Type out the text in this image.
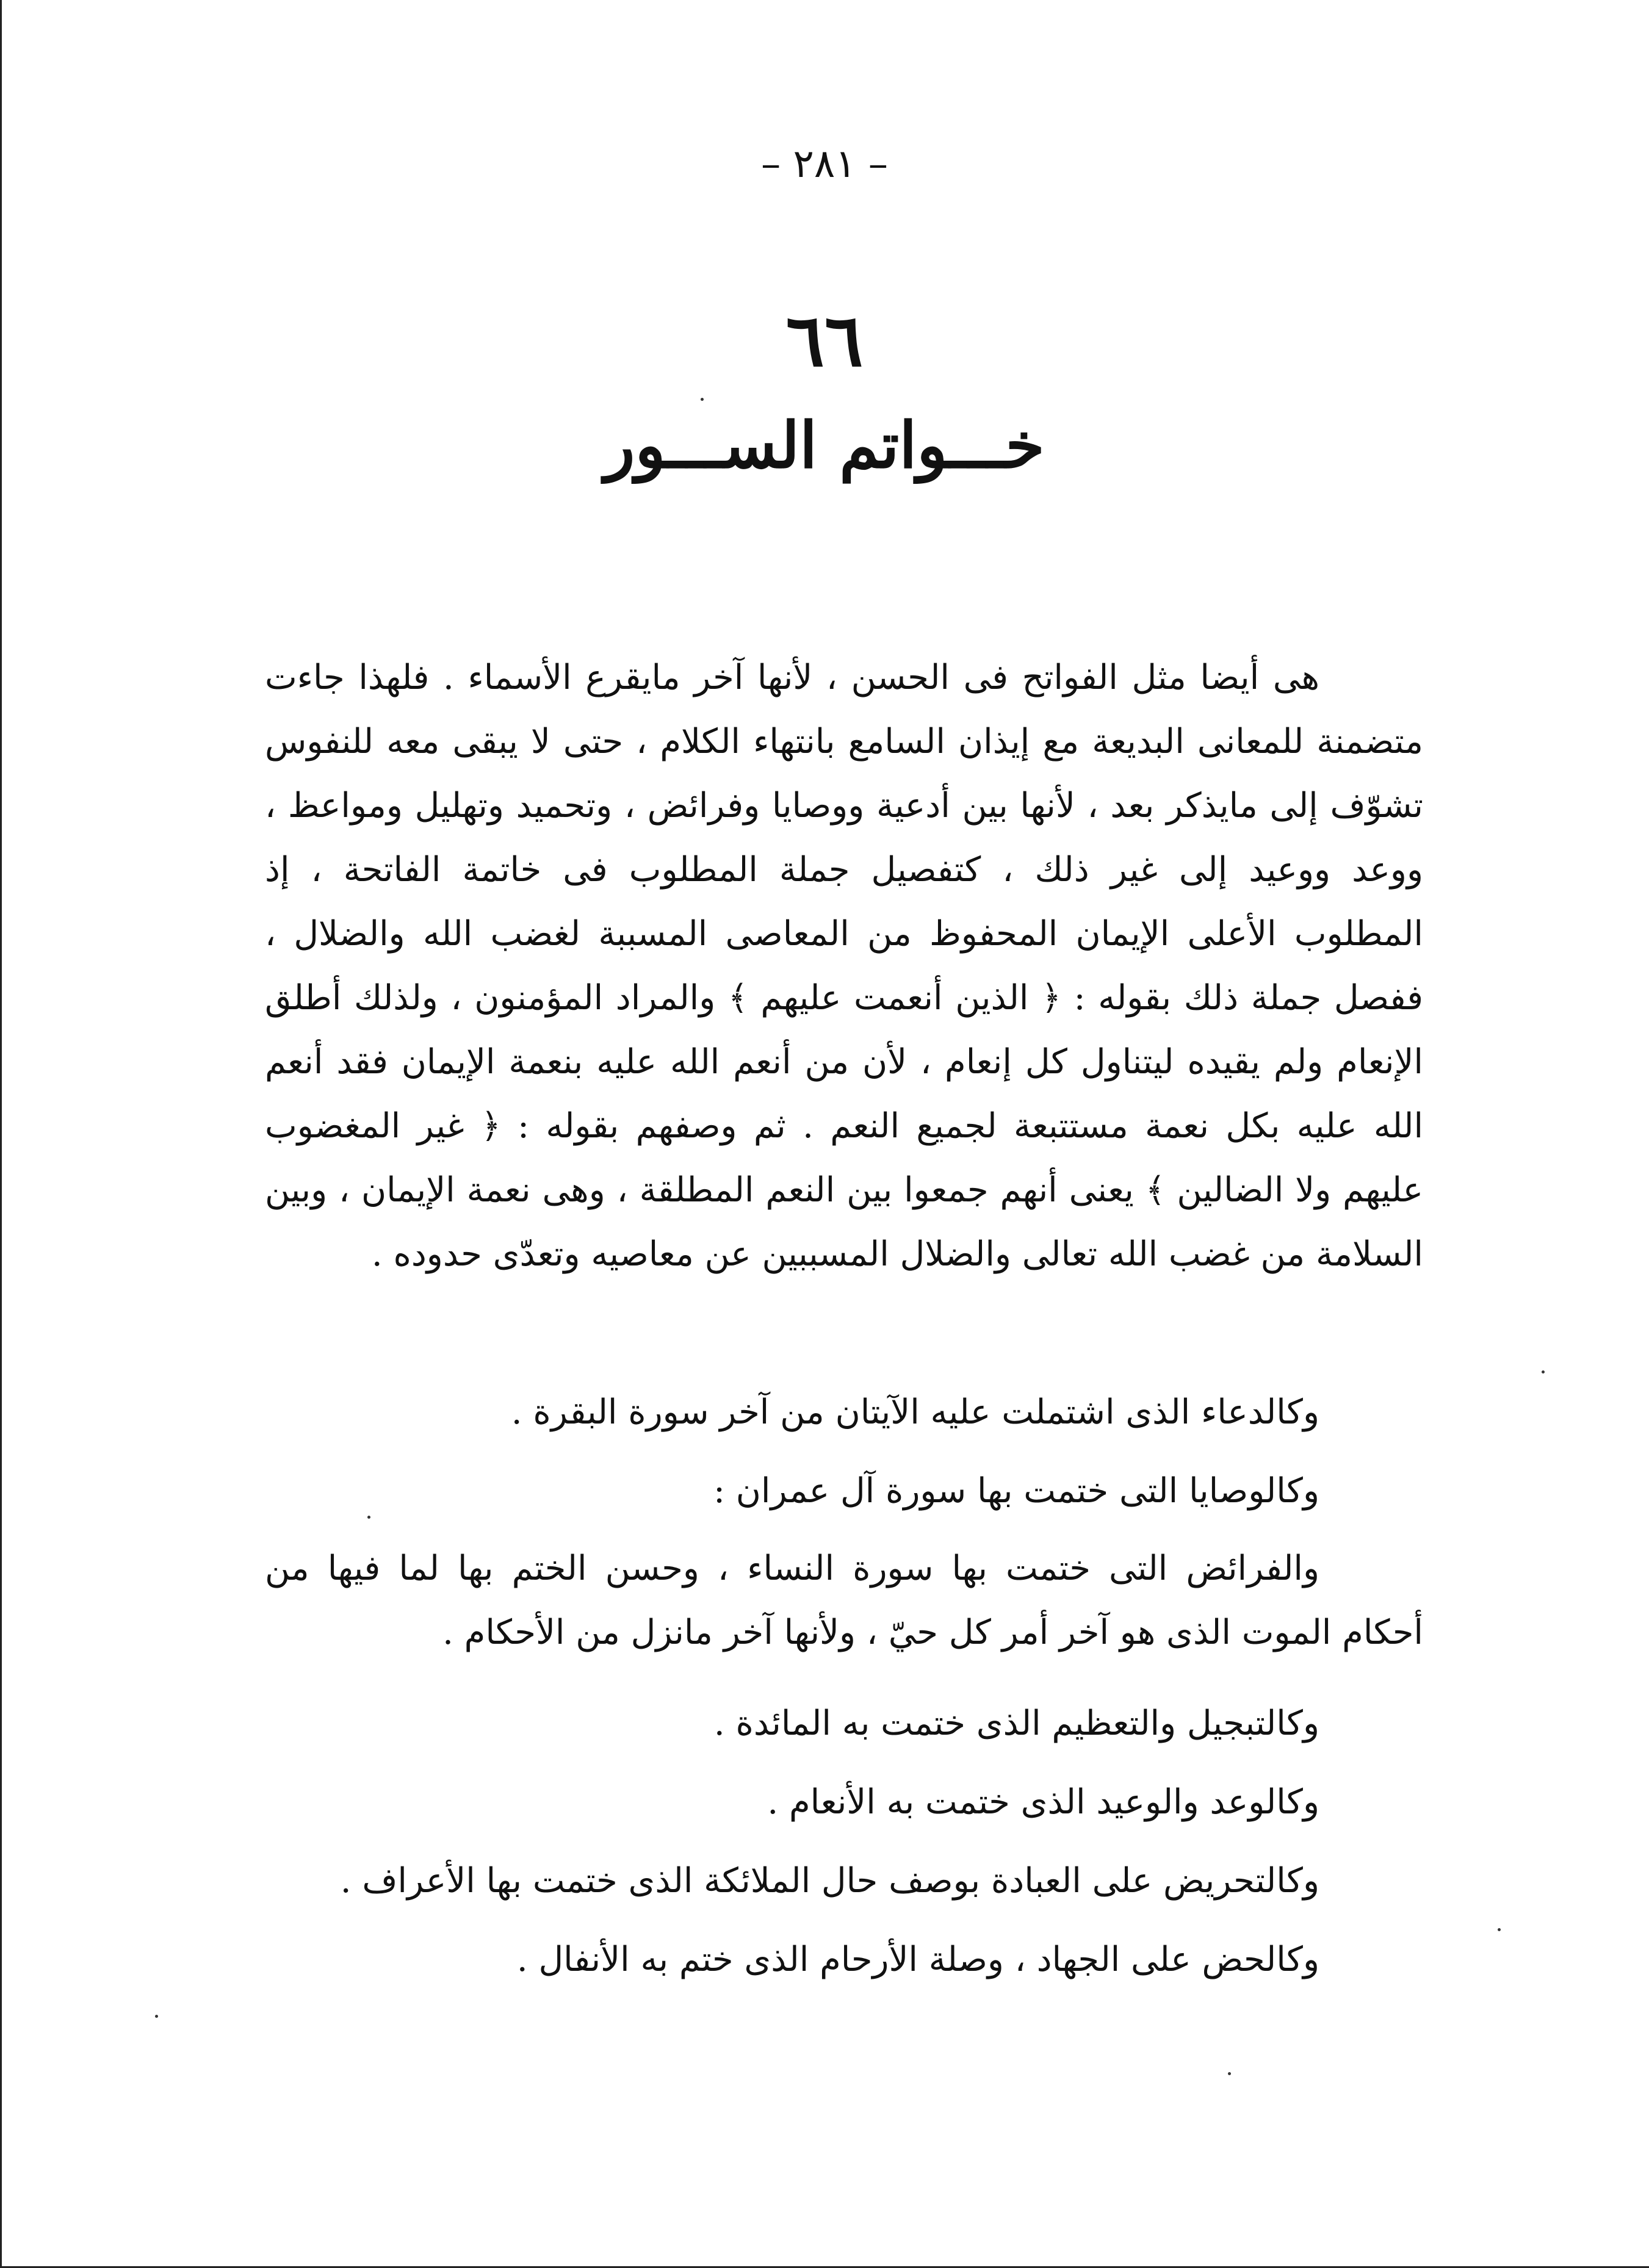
– ٢٨١ –
٦٦
خـــواتم الســـور

هى أيضا مثل الفواتح فى الحسن ، لأنها آخر مايقرع الأسماء . فلهذا جاءت متضمنة للمعانى البديعة مع إيذان السامع بانتهاء الكلام ، حتى لا يبقى معه للنفوس تشوّف إلى مايذكر بعد ، لأنها بين أدعية ووصايا وفرائض ، وتحميد وتهليل ومواعظ ، ووعد ووعيد إلى غير ذلك ، كتفصيل جملة المطلوب فى خاتمة الفاتحة ، إذ المطلوب الأعلى الإيمان المحفوظ من المعاصى المسببة لغضب الله والضلال ، ففصل جملة ذلك بقوله : ﴿ الذين أنعمت عليهم ﴾ والمراد المؤمنون ، ولذلك أطلق الإنعام ولم يقيده ليتناول كل إنعام ، لأن من أنعم الله عليه بنعمة الإيمان فقد أنعم الله عليه بكل نعمة مستتبعة لجميع النعم . ثم وصفهم بقوله : ﴿ غير المغضوب عليهم ولا الضالين ﴾ يعنى أنهم جمعوا بين النعم المطلقة ، وهى نعمة الإيمان ، وبين السلامة من غضب الله تعالى والضلال المسببين عن معاصيه وتعدّى حدوده .

وكالدعاء الذى اشتملت عليه الآيتان من آخر سورة البقرة .

وكالوصايا التى ختمت بها سورة آل عمران :

والفرائض التى ختمت بها سورة النساء ، وحسن الختم بها لما فيها من أحكام الموت الذى هو آخر أمر كل حيّ ، ولأنها آخر مانزل من الأحكام .

وكالتبجيل والتعظيم الذى ختمت به المائدة .

وكالوعد والوعيد الذى ختمت به الأنعام .

وكالتحريض على العبادة بوصف حال الملائكة الذى ختمت بها الأعراف .

وكالحض على الجهاد ، وصلة الأرحام الذى ختم به الأنفال .
